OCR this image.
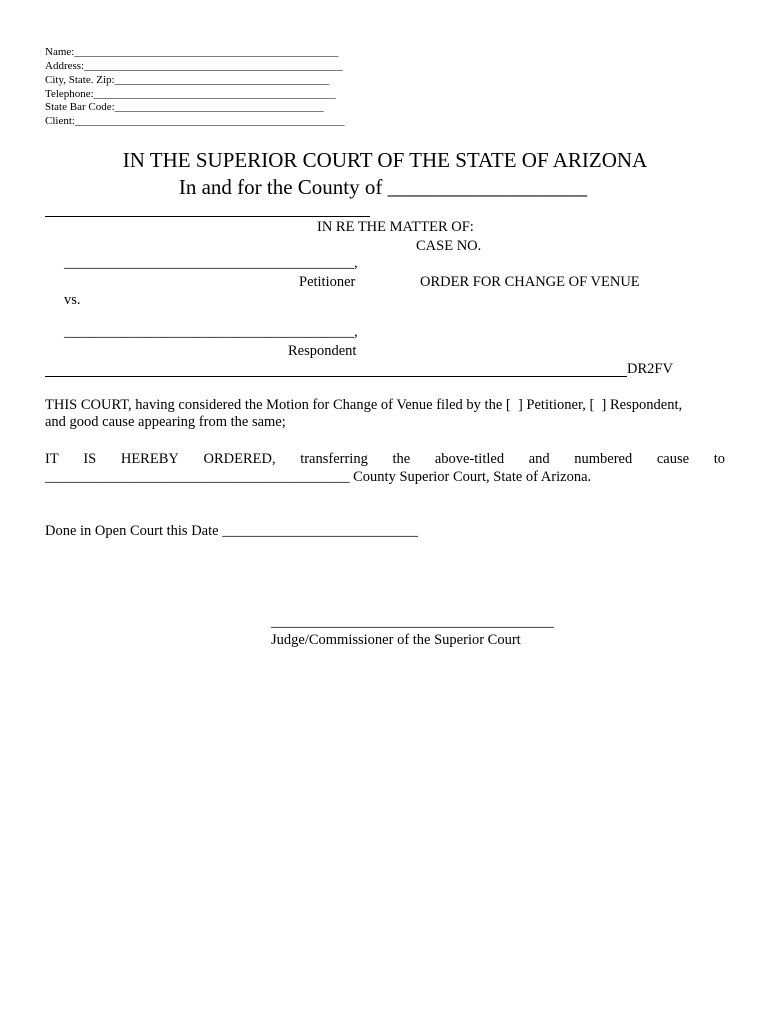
Name:________________________________________________
Address:_______________________________________________
City, State. Zip:_______________________________________
Telephone:____________________________________________
State Bar Code:______________________________________
Client:_________________________________________________
IN THE SUPERIOR COURT OF THE STATE OF ARIZONA
In and for the County of ___________________
IN RE THE MATTER OF:
CASE NO.
________________________________________,
Petitioner	ORDER FOR CHANGE OF VENUE
vs.
________________________________________,
Respondent
DR2FV
THIS COURT, having considered the Motion for Change of Venue filed by the [  ] Petitioner, [  ] Respondent,
and good cause appearing from the same;
IT IS HEREBY ORDERED, transferring the above-titled and numbered cause to
__________________________________________ County Superior Court, State of Arizona.
Done in Open Court this Date ___________________________
_______________________________________
Judge/Commissioner of the Superior Court
